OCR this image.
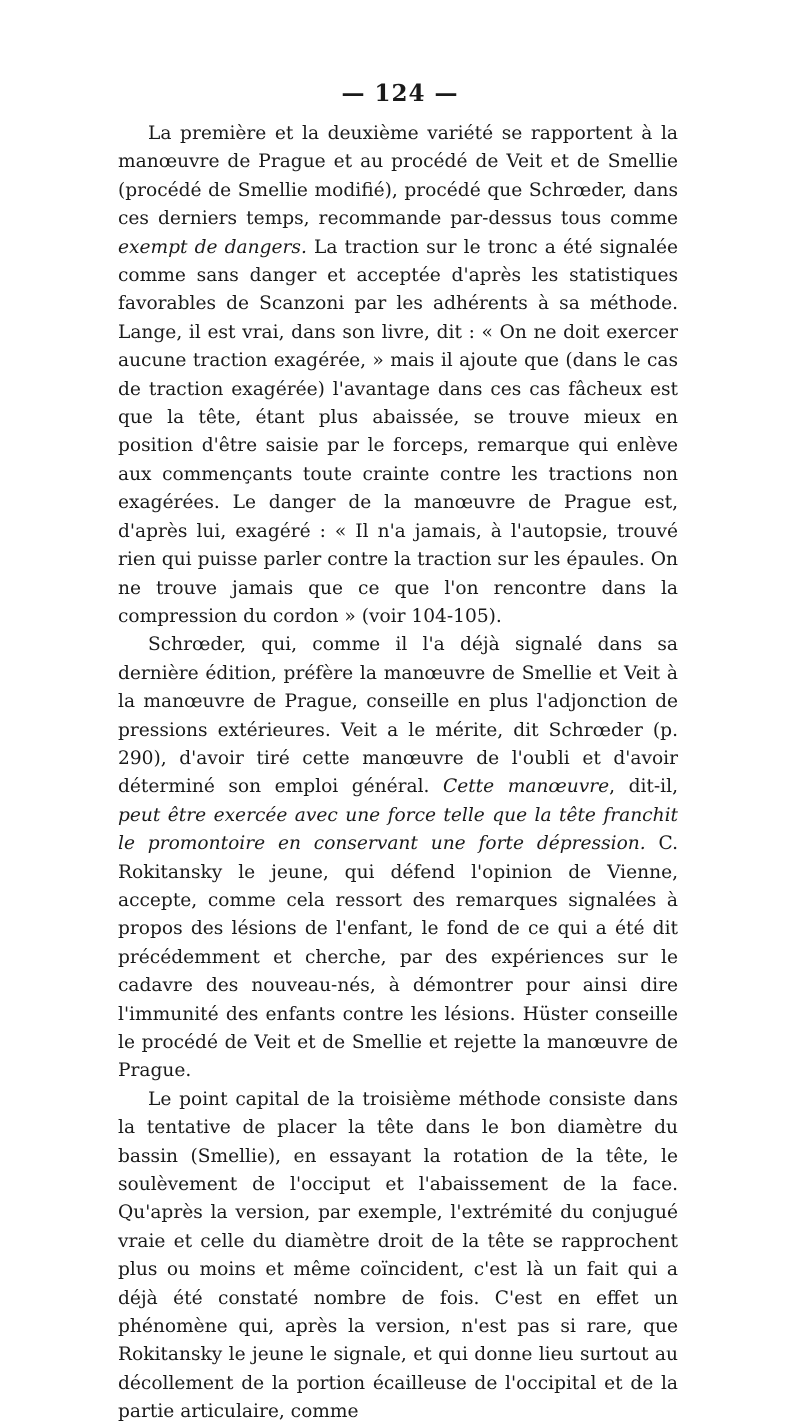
— 124 —

La première et la deuxième variété se rapportent à la manœuvre de Prague et au procédé de Veit et de Smellie (procédé de Smellie modifié), procédé que Schrœder, dans ces derniers temps, recommande par-dessus tous comme exempt de dangers. La traction sur le tronc a été signalée comme sans danger et acceptée d'après les statistiques favorables de Scanzoni par les adhérents à sa méthode. Lange, il est vrai, dans son livre, dit : « On ne doit exercer aucune traction exagérée, » mais il ajoute que (dans le cas de traction exagérée) l'avantage dans ces cas fâcheux est que la tête, étant plus abaissée, se trouve mieux en position d'être saisie par le forceps, remarque qui enlève aux commençants toute crainte contre les tractions non exagérées. Le danger de la manœuvre de Prague est, d'après lui, exagéré : « Il n'a jamais, à l'autopsie, trouvé rien qui puisse parler contre la traction sur les épaules. On ne trouve jamais que ce que l'on rencontre dans la compression du cordon » (voir 104-105).

Schrœder, qui, comme il l'a déjà signalé dans sa dernière édition, préfère la manœuvre de Smellie et Veit à la manœuvre de Prague, conseille en plus l'adjonction de pressions extérieures. Veit a le mérite, dit Schrœder (p. 290), d'avoir tiré cette manœuvre de l'oubli et d'avoir déterminé son emploi général. Cette manœuvre, dit-il, peut être exercée avec une force telle que la tête franchit le promontoire en conservant une forte dépression. C. Rokitansky le jeune, qui défend l'opinion de Vienne, accepte, comme cela ressort des remarques signalées à propos des lésions de l'enfant, le fond de ce qui a été dit précédemment et cherche, par des expériences sur le cadavre des nouveau-nés, à démontrer pour ainsi dire l'immunité des enfants contre les lésions. Hüster conseille le procédé de Veit et de Smellie et rejette la manœuvre de Prague.

Le point capital de la troisième méthode consiste dans la tentative de placer la tête dans le bon diamètre du bassin (Smellie), en essayant la rotation de la tête, le soulèvement de l'occiput et l'abaissement de la face. Qu'après la version, par exemple, l'extrémité du conjugué vraie et celle du diamètre droit de la tête se rapprochent plus ou moins et même coïncident, c'est là un fait qui a déjà été constaté nombre de fois. C'est en effet un phénomène qui, après la version, n'est pas si rare, que Rokitansky le jeune le signale, et qui donne lieu surtout au décollement de la portion écailleuse de l'occipital et de la partie articulaire, comme
